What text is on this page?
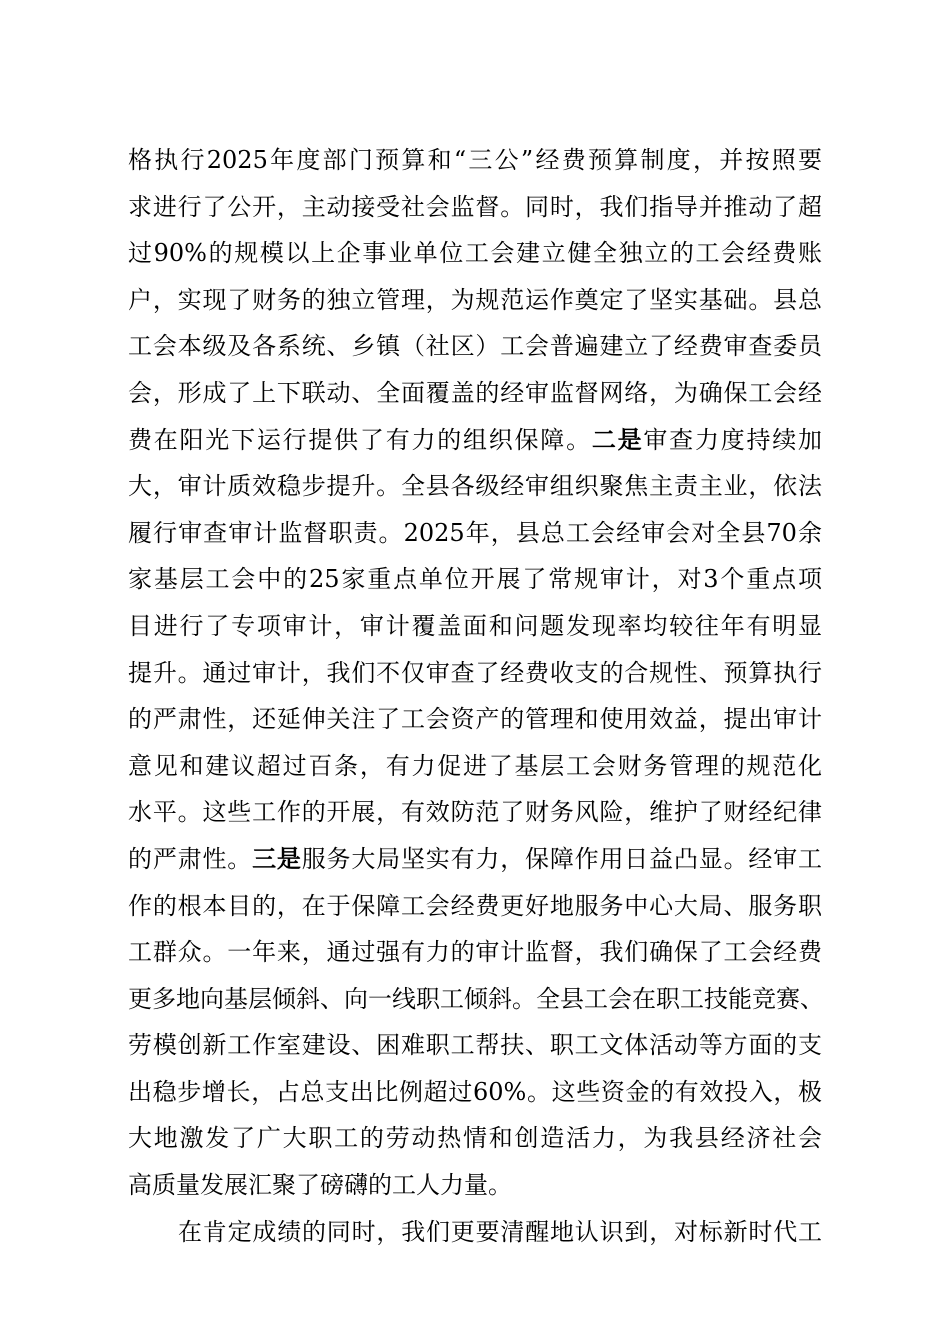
格执行2025年度部门预算和“三公”经费预算制度，并按照要
求进行了公开，主动接受社会监督。同时，我们指导并推动了超
过90%的规模以上企事业单位工会建立健全独立的工会经费账
户，实现了财务的独立管理，为规范运作奠定了坚实基础。县总
工会本级及各系统、乡镇（社区）工会普遍建立了经费审查委员
会，形成了上下联动、全面覆盖的经审监督网络，为确保工会经
费在阳光下运行提供了有力的组织保障。二是审查力度持续加
大，审计质效稳步提升。全县各级经审组织聚焦主责主业，依法
履行审查审计监督职责。2025年，县总工会经审会对全县70余
家基层工会中的25家重点单位开展了常规审计，对3个重点项
目进行了专项审计，审计覆盖面和问题发现率均较往年有明显
提升。通过审计，我们不仅审查了经费收支的合规性、预算执行
的严肃性，还延伸关注了工会资产的管理和使用效益，提出审计
意见和建议超过百条，有力促进了基层工会财务管理的规范化
水平。这些工作的开展，有效防范了财务风险，维护了财经纪律
的严肃性。三是服务大局坚实有力，保障作用日益凸显。经审工
作的根本目的，在于保障工会经费更好地服务中心大局、服务职
工群众。一年来，通过强有力的审计监督，我们确保了工会经费
更多地向基层倾斜、向一线职工倾斜。全县工会在职工技能竞赛、
劳模创新工作室建设、困难职工帮扶、职工文体活动等方面的支
出稳步增长，占总支出比例超过60%。这些资金的有效投入，极
大地激发了广大职工的劳动热情和创造活力，为我县经济社会
高质量发展汇聚了磅礴的工人力量。
在肯定成绩的同时，我们更要清醒地认识到，对标新时代工
